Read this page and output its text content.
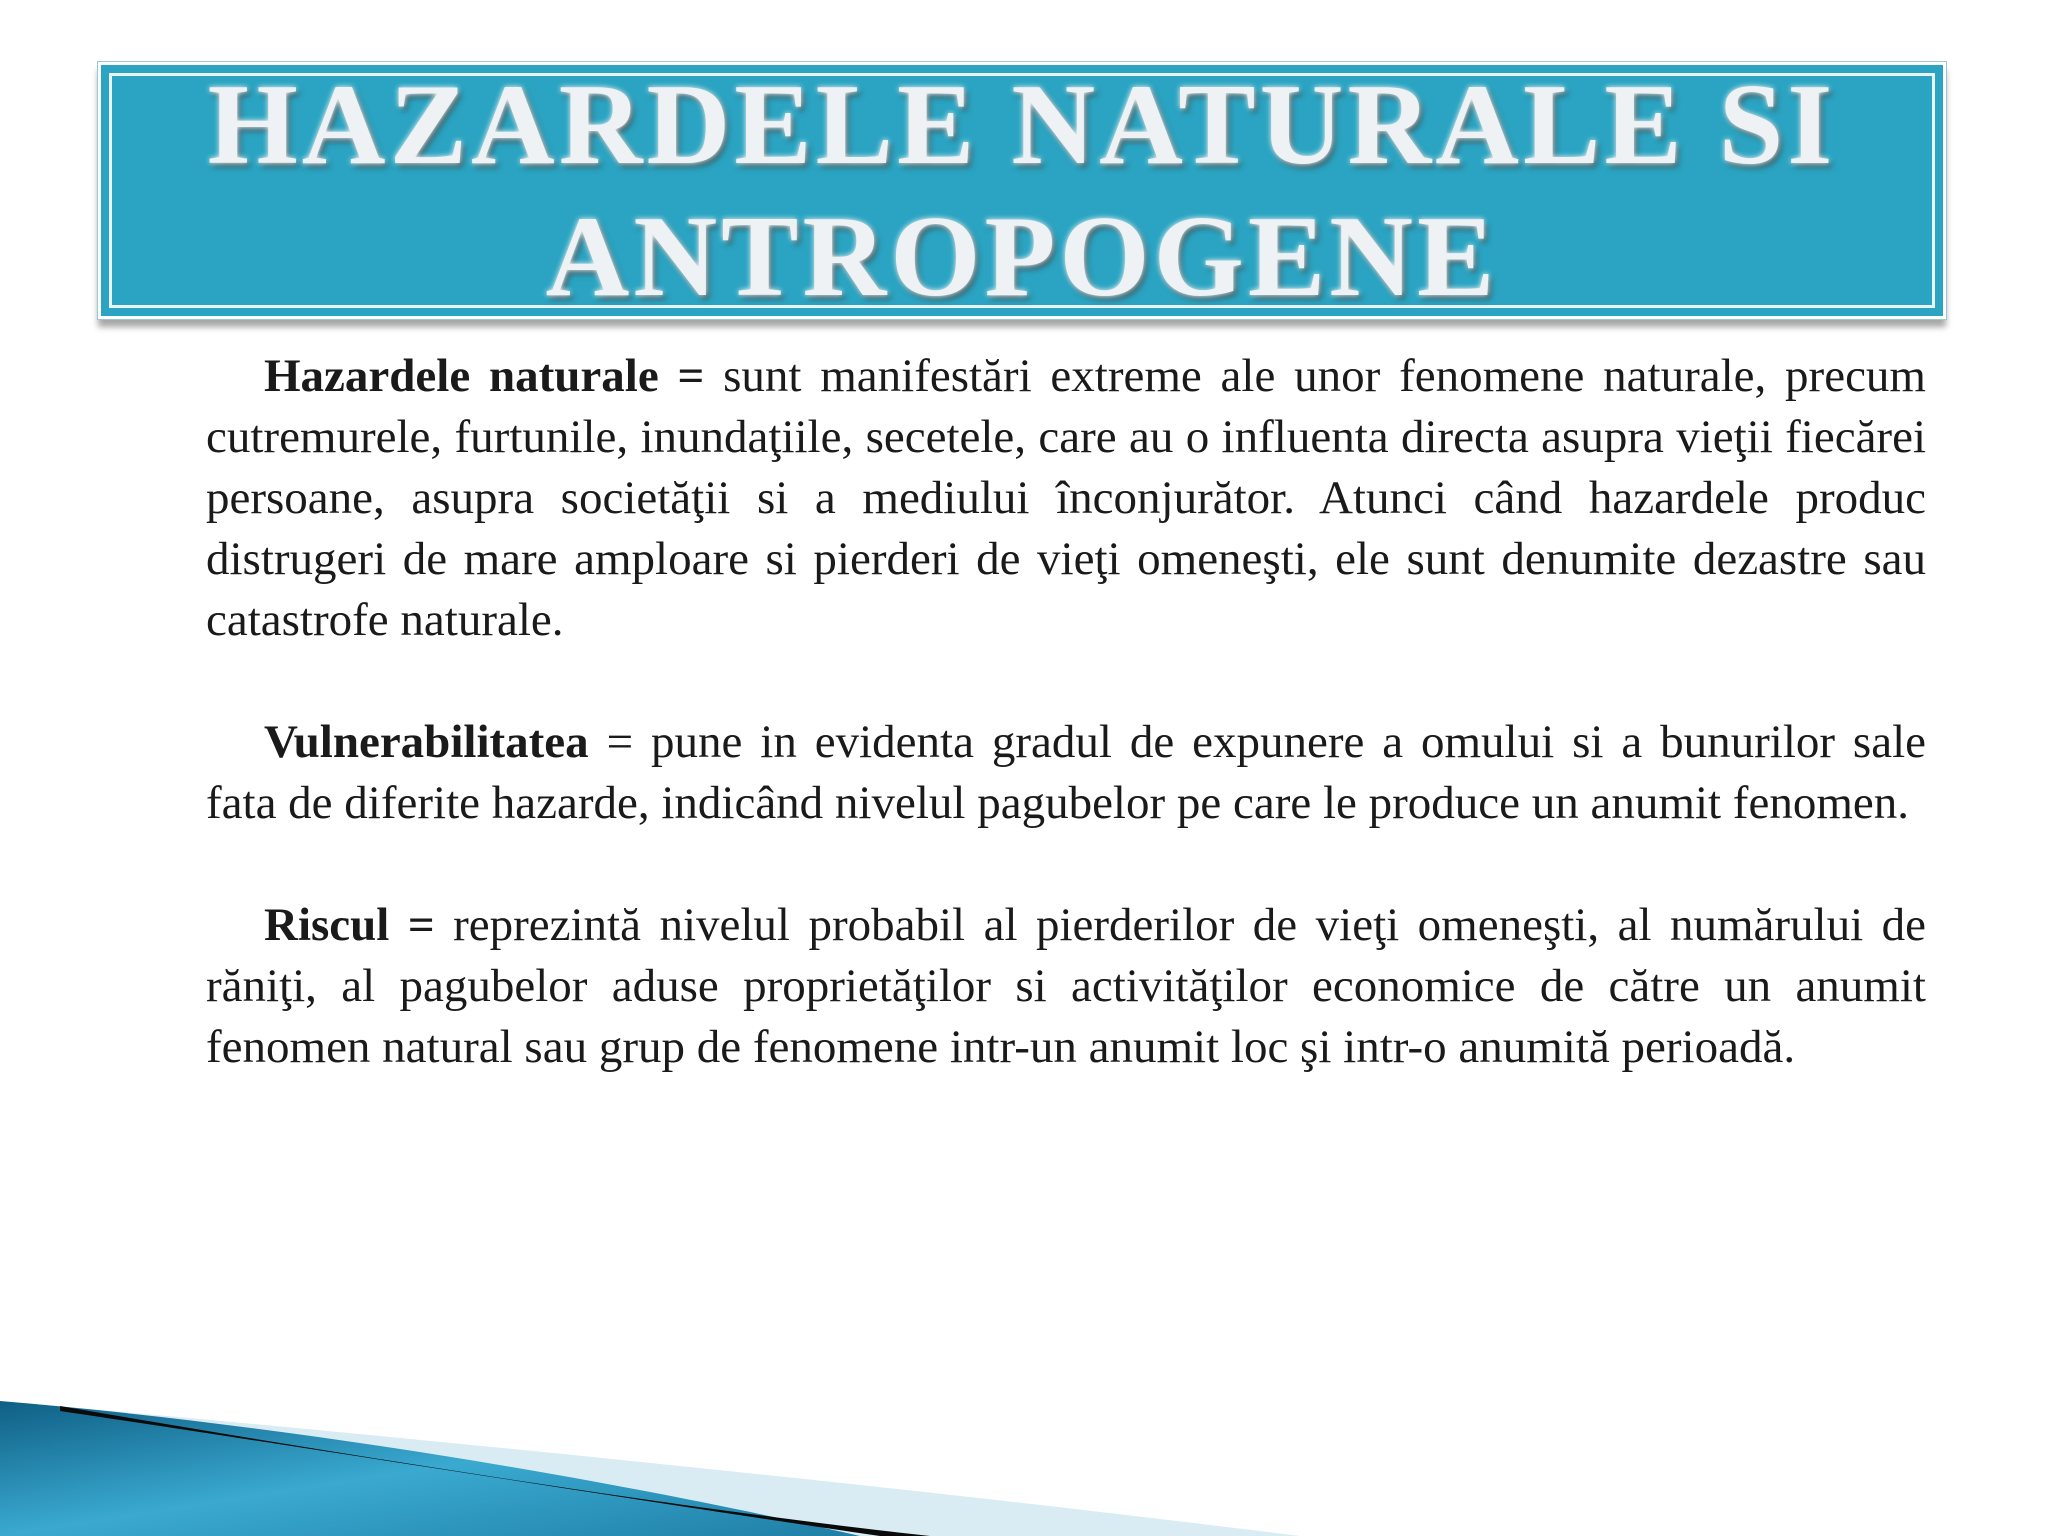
HAZARDELE NATURALE SI
ANTROPOGENE

Hazardele naturale = sunt manifestări extreme ale unor fenomene naturale, precum cutremurele, furtunile, inundaţiile, secetele, care au o influenta directa asupra vieţii fiecărei persoane, asupra societăţii si a mediului înconjurător. Atunci când hazardele produc distrugeri de mare amploare si pierderi de vieţi omeneşti, ele sunt denumite dezastre sau catastrofe naturale.

Vulnerabilitatea = pune in evidenta gradul de expunere a omului si a bunurilor sale fata de diferite hazarde, indicând nivelul pagubelor pe care le produce un anumit fenomen.

Riscul = reprezintă nivelul probabil al pierderilor de vieţi omeneşti, al numărului de răniţi, al pagubelor aduse proprietăţilor si activităţilor economice de către un anumit fenomen natural sau grup de fenomene intr-un anumit loc şi intr-o anumită perioadă.
